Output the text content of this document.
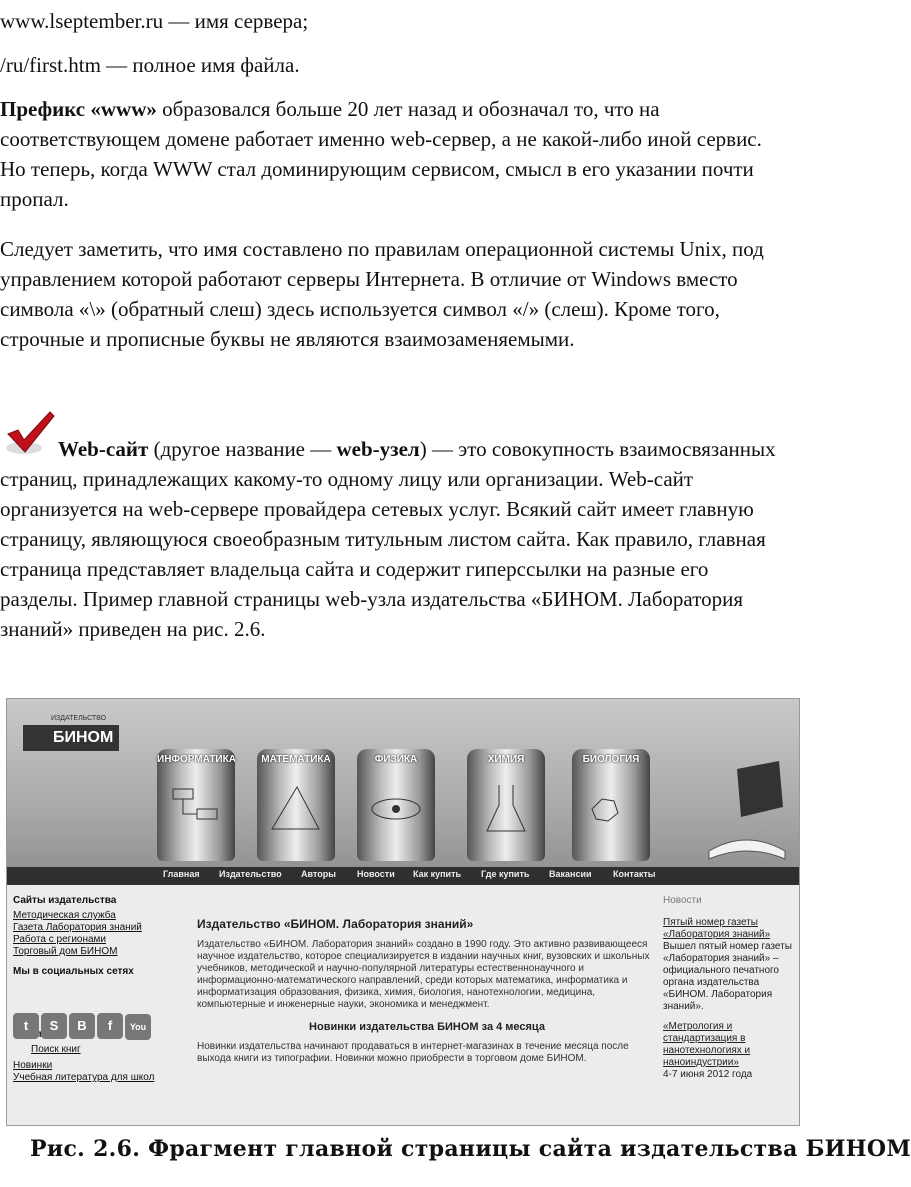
www.lseptember.ru — имя сервера;

/ru/first.htm — полное имя файла.

Префикс «www» образовался больше 20 лет назад и обозначал то, что на соответствующем домене работает именно web-сервер, а не какой-либо иной сервис. Но теперь, когда WWW стал доминирующим сервисом, смысл в его указании почти пропал.

Следует заметить, что имя составлено по правилам операционной системы Unix, под управлением которой работают серверы Интернета. В отличие от Windows вместо символа «\» (обратный слеш) здесь используется символ «/» (слеш). Кроме того, строчные и прописные буквы не являются взаимозаменяемыми.

Web-сайт (другое название — web-узел) — это совокупность взаимосвязанных страниц, принадлежащих какому-то одному лицу или организации. Web-сайт организуется на web-сервере провайдера сетевых услуг. Всякий сайт имеет главную страницу, являющуюся своеобразным титульным листом сайта. Как правило, главная страница представляет владельца сайта и содержит гиперссылки на разные его разделы. Пример главной страницы web-узла издательства «БИНОМ. Лаборатория знаний» приведен на рис. 2.6.

ИЗДАТЕЛЬСТВО
БИНОМ
ИНФОРМАТИКА	МАТЕМАТИКА	ФИЗИКА	ХИМИЯ	БИОЛОГИЯ
Главная Издательство Авторы Новости Как купить Где купить Вакансии Контакты
Сайты издательства
Методическая служба
Газета Лаборатория знаний
Работа с регионами
Торговый дом БИНОМ
Мы в социальных сетях
t S B f You
Поиск книг
Новинки
Учебная литература для школ
Издательство «БИНОМ. Лаборатория знаний»
Издательство «БИНОМ. Лаборатория знаний» создано в 1990 году. Это активно развивающееся научное издательство, которое специализируется в издании научных книг, вузовских и школьных учебников, методической и научно-популярной литературы естественнонаучного и информационно-математического направлений, среди которых математика, информатика и информатизация образования, физика, химия, биология, нанотехнологии, медицина, компьютерные и инженерные науки, экономика и менеджмент.
Новинки издательства БИНОМ за 4 месяца
Новинки издательства начинают продаваться в интернет-магазинах в течение месяца после выхода книги из типографии. Новинки можно приобрести в торговом доме БИНОМ.
Новости
Пятый номер газеты «Лаборатория знаний»
Вышел пятый номер газеты «Лаборатория знаний» – официального печатного органа издательства «БИНОМ. Лаборатория знаний».
«Метрология и стандартизация в нанотехнологиях и наноиндустрии»
4-7 июня 2012 года
Рис. 2.6. Фрагмент главной страницы сайта издательства БИНОМ
